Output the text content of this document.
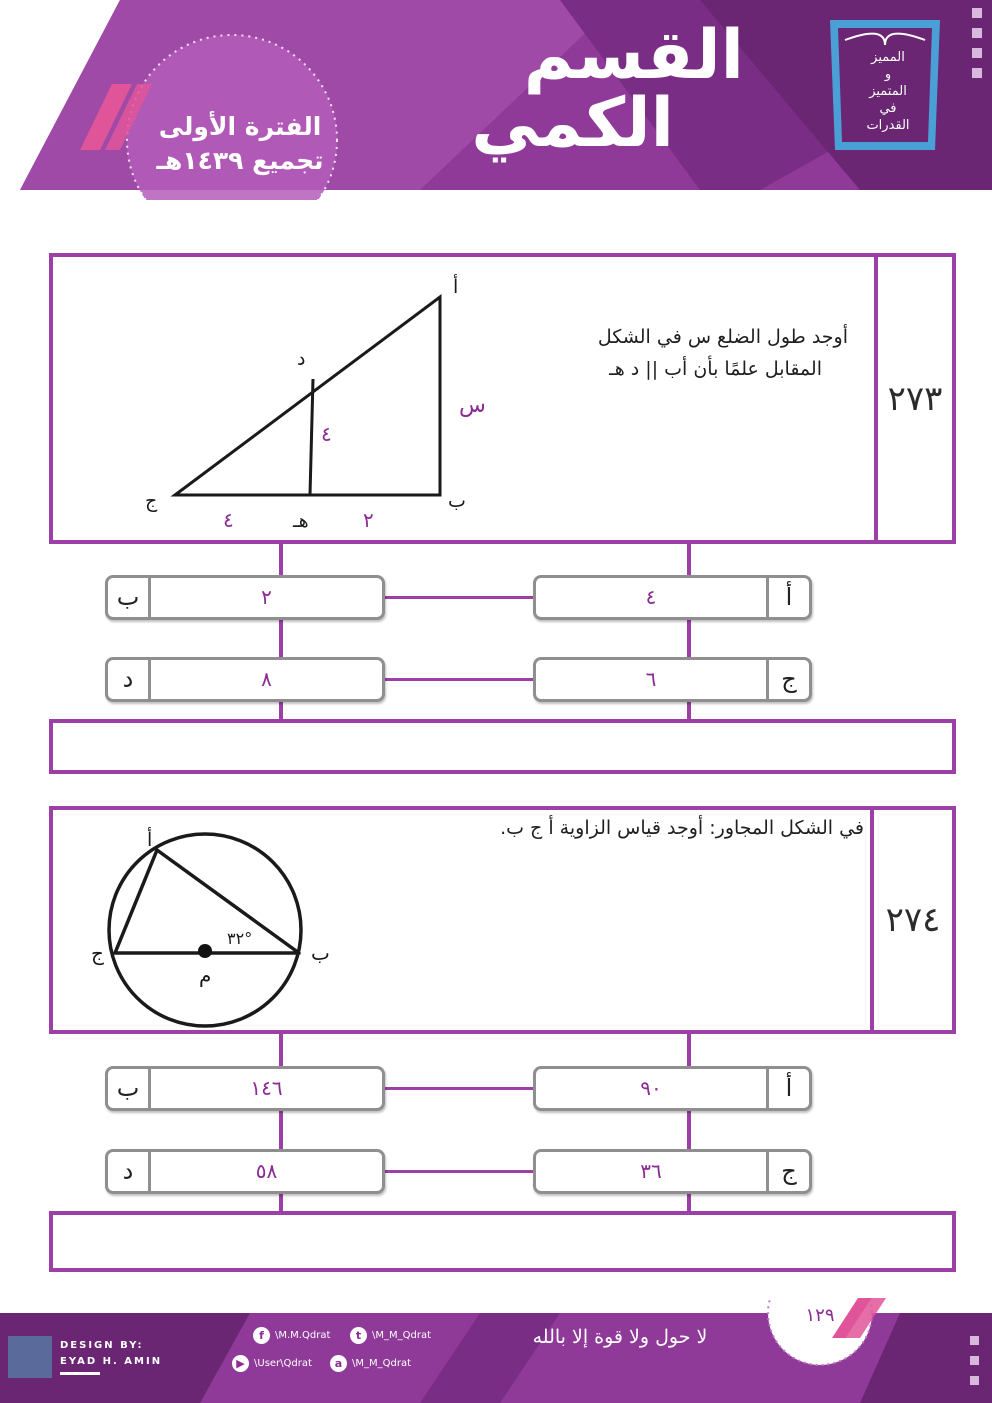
القسم
الكمي
الفترة الأولى
تجميع ١٤٣٩هـ
المميز
و
المتميز
في
القدرات
٢٧٣
أوجد طول الضلع س في الشكل
المقابل علمًا بأن أب || د هـ
أ
د
س
٤
ج	ب
هـ
٤	٢
٤	أ
ب	٢
٦	ج
د	٨
٢٧٤
في الشكل المجاور: أوجد قياس الزاوية أ ج ب.
أ
ج	ب
م
٣٢°
٩٠	أ
ب	١٤٦
٣٦	ج
د	٥٨
DESIGN BY:
EYAD H. AMIN
f	\M.M.Qdrat	t	\M_M_Qdrat
▶ \User\Qdrat	a \M_M_Qdrat
لا حول ولا قوة إلا بالله
١٢٩
